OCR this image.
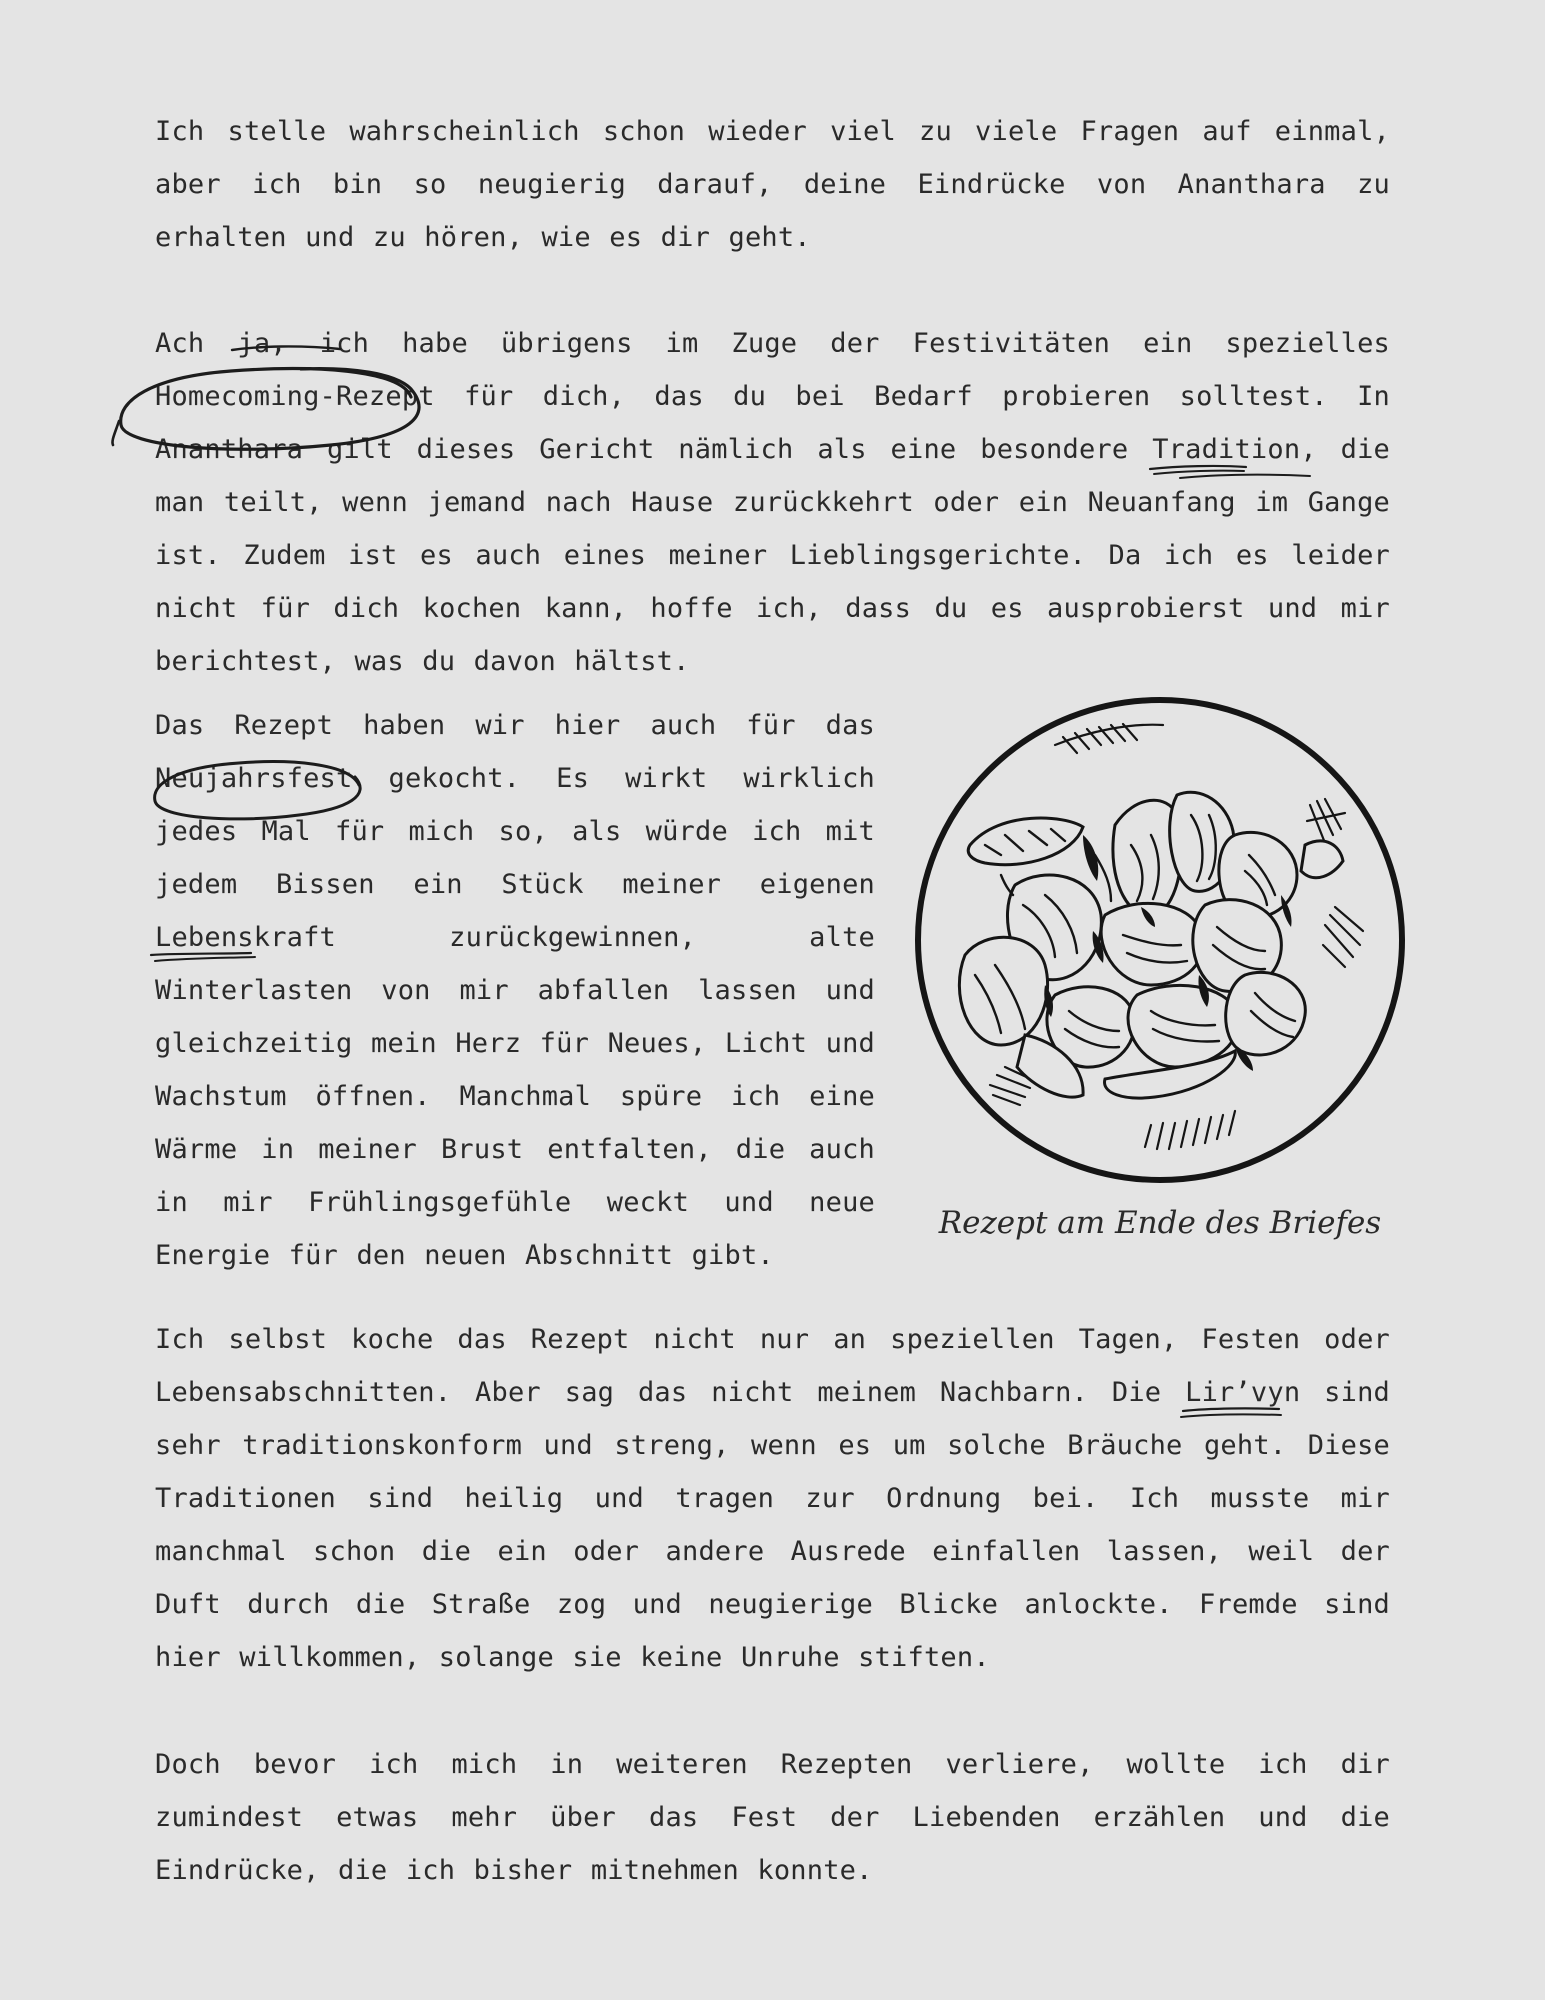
Ich stelle wahrscheinlich schon wieder viel zu viele Fragen auf einmal, aber ich bin so neugierig darauf, deine Eindrücke von Ananthara zu erhalten und zu hören, wie es dir geht.

Ach ja, ich habe übrigens im Zuge der Festivitäten ein spezielles Homecoming-Rezept
für dich, das du bei Bedarf probieren solltest. In Ananthara gilt dieses Gericht nämlich als eine besondere Tradition
, die man teilt, wenn jemand nach Hause zurückkehrt oder ein Neuanfang im Gange ist. Zudem ist es auch eines meiner Lieblingsgerichte. Da ich es leider nicht für dich kochen kann, hoffe ich, dass du es ausprobierst und mir berichtest, was du davon hältst.

Das Rezept haben wir hier auch für das Neujahrsfest
gekocht. Es wirkt wirklich jedes Mal für mich so, als würde ich mit jedem Bissen ein Stück meiner eigenen Lebenskraft
zurückgewinnen, alte Winterlasten von mir abfallen lassen und gleichzeitig mein Herz für Neues, Licht und Wachstum öffnen. Manchmal spüre ich eine Wärme in meiner Brust entfalten, die auch in mir Frühlingsgefühle weckt und neue Energie für den neuen Abschnitt gibt.

Rezept am Ende des Briefes

Ich selbst koche das Rezept nicht nur an speziellen Tagen, Festen oder Lebensabschnitten. Aber sag das nicht meinem Nachbarn. Die Lir’vyn
sind sehr traditionskonform und streng, wenn es um solche Bräuche geht. Diese Traditionen sind heilig und tragen zur Ordnung bei. Ich musste mir manchmal schon die ein oder andere Ausrede einfallen lassen, weil der Duft durch die Straße zog und neugierige Blicke anlockte. Fremde sind hier willkommen, solange sie keine Unruhe stiften.

Doch bevor ich mich in weiteren Rezepten verliere, wollte ich dir zumindest etwas mehr über das Fest der Liebenden erzählen und die Eindrücke, die ich bisher mitnehmen konnte.
